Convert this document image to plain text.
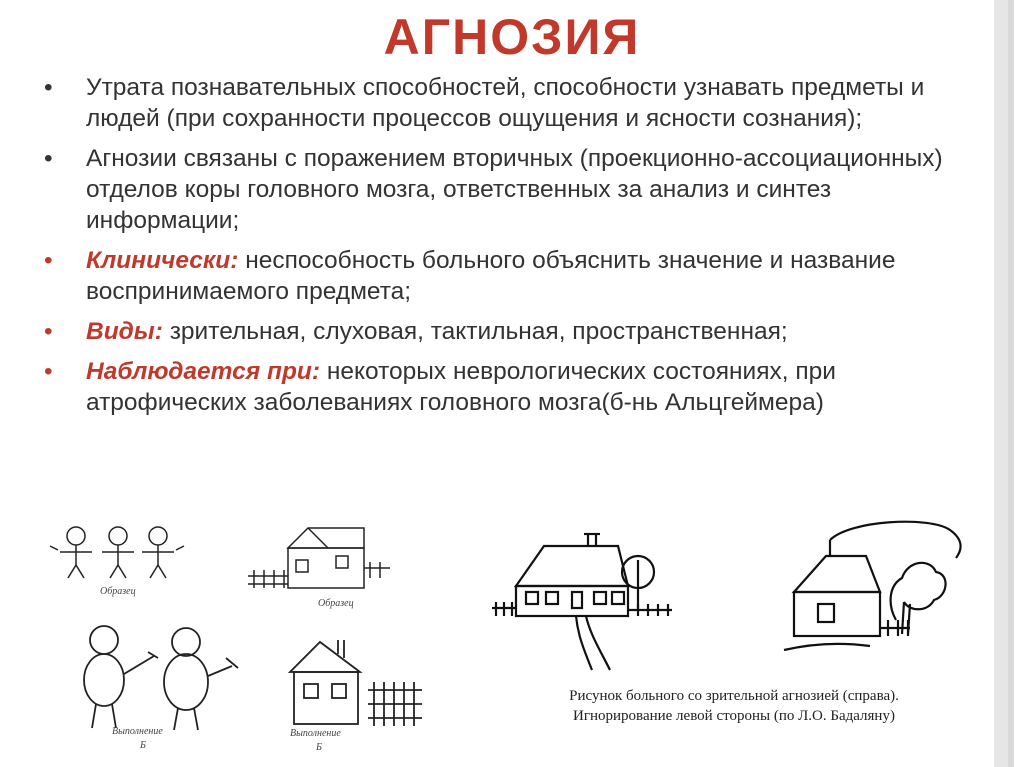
АГНОЗИЯ
• Утрата познавательных способностей, способности узнавать предметы и людей (при сохранности процессов ощущения и ясности сознания);
• Агнозии связаны с поражением вторичных (проекционно-ассоциационных) отделов коры головного мозга, ответственных за анализ и синтез информации;
• Клинически: неспособность больного объяснить значение и название воспринимаемого предмета;
• Виды: зрительная, слуховая, тактильная, пространственная;
• Наблюдается при: некоторых неврологических состояниях, при атрофических заболеваниях головного мозга(б-нь Альцгеймера)
Образец
Образец
Выполнение
Б
Выполнение
Б
Рисунок больного со зрительной агнозией (справа).
Игнорирование левой стороны (по Л.О. Бадаляну)
